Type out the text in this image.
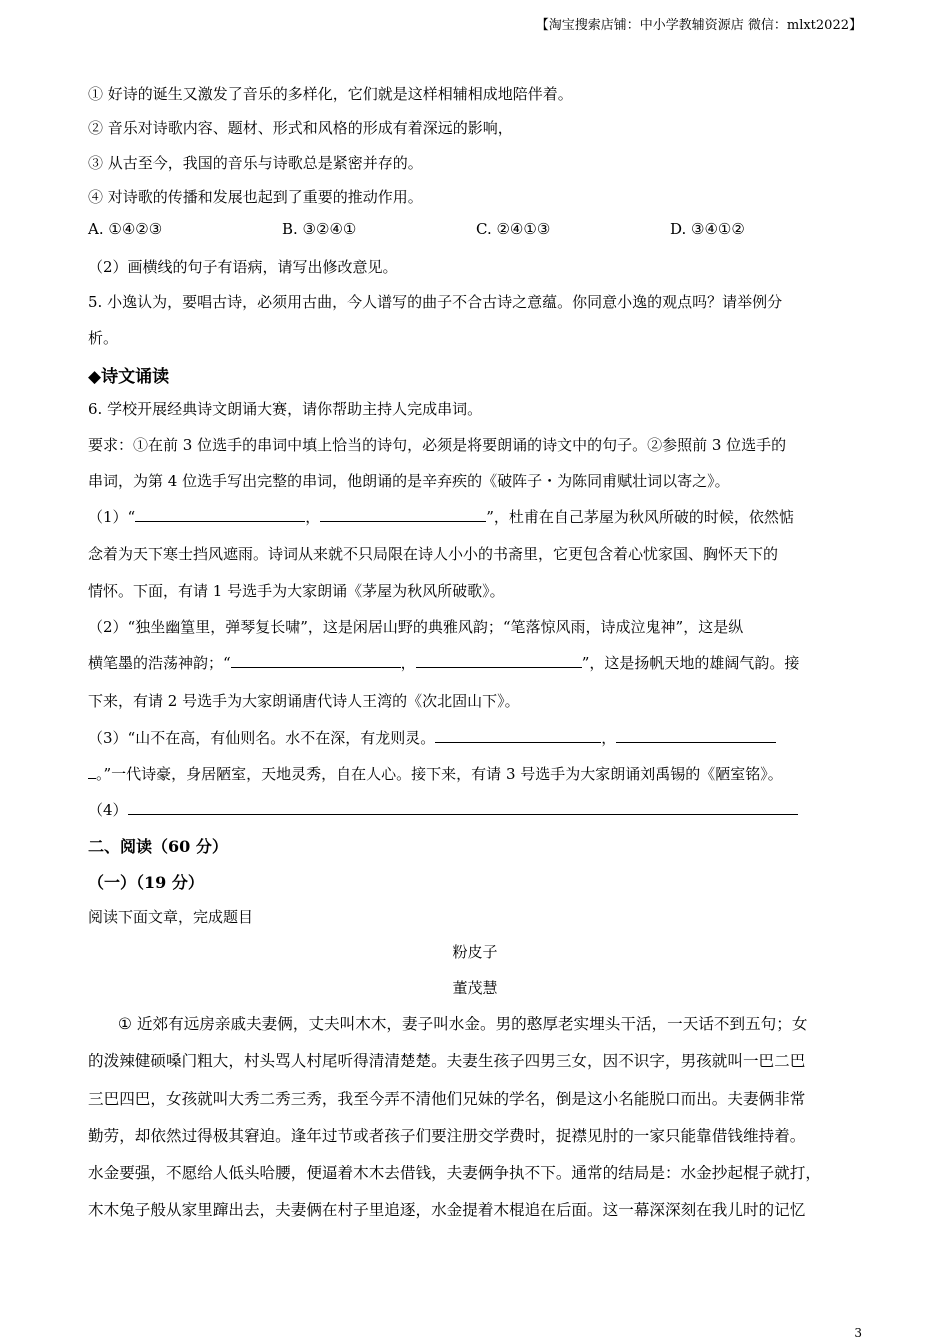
【淘宝搜索店铺：中小学教辅资源店 微信：mlxt2022】
① 好诗的诞生又激发了音乐的多样化，它们就是这样相辅相成地陪伴着。
② 音乐对诗歌内容、题材、形式和风格的形成有着深远的影响，
③ 从古至今，我国的音乐与诗歌总是紧密并存的。
④ 对诗歌的传播和发展也起到了重要的推动作用。
A. ①④②③	B. ③②④①	C. ②④①③	D. ③④①②
（2）画横线的句子有语病，请写出修改意见。
5. 小逸认为，要唱古诗，必须用古曲，今人谱写的曲子不合古诗之意蕴。你同意小逸的观点吗？请举例分
析。
◆诗文诵读
6. 学校开展经典诗文朗诵大赛，请你帮助主持人完成串词。
要求：①在前 3 位选手的串词中填上恰当的诗句，必须是将要朗诵的诗文中的句子。②参照前 3 位选手的
串词，为第 4 位选手写出完整的串词，他朗诵的是辛弃疾的《破阵子・为陈同甫赋壮词以寄之》。
（1）“	，	”，杜甫在自己茅屋为秋风所破的时候，依然惦
念着为天下寒士挡风遮雨。诗词从来就不只局限在诗人小小的书斋里，它更包含着心忧家国、胸怀天下的
情怀。下面，有请 1 号选手为大家朗诵《茅屋为秋风所破歌》。
（2）“独坐幽篁里，弹琴复长啸”，这是闲居山野的典雅风韵；“笔落惊风雨，诗成泣鬼神”，这是纵
横笔墨的浩荡神韵；“	，	”，这是扬帆天地的雄阔气韵。接
下来，有请 2 号选手为大家朗诵唐代诗人王湾的《次北固山下》。
（3）“山不在高，有仙则名。水不在深，有龙则灵。	，
。”一代诗豪，身居陋室，天地灵秀，自在人心。接下来，有请 3 号选手为大家朗诵刘禹锡的《陋室铭》。
（4）
二、阅读（60 分）
（一）（19 分）
阅读下面文章，完成题目
粉皮子
董茂慧
① 近郊有远房亲戚夫妻俩，丈夫叫木木，妻子叫水金。男的憨厚老实埋头干活，一天话不到五句；女
的泼辣健硕嗓门粗大，村头骂人村尾听得清清楚楚。夫妻生孩子四男三女，因不识字，男孩就叫一巴二巴
三巴四巴，女孩就叫大秀二秀三秀，我至今弄不清他们兄妹的学名，倒是这小名能脱口而出。夫妻俩非常
勤劳，却依然过得极其窘迫。逢年过节或者孩子们要注册交学费时，捉襟见肘的一家只能靠借钱维持着。
水金要强，不愿给人低头哈腰，便逼着木木去借钱，夫妻俩争执不下。通常的结局是：水金抄起棍子就打，
木木兔子般从家里蹿出去，夫妻俩在村子里追逐，水金提着木棍追在后面。这一幕深深刻在我儿时的记忆
3
